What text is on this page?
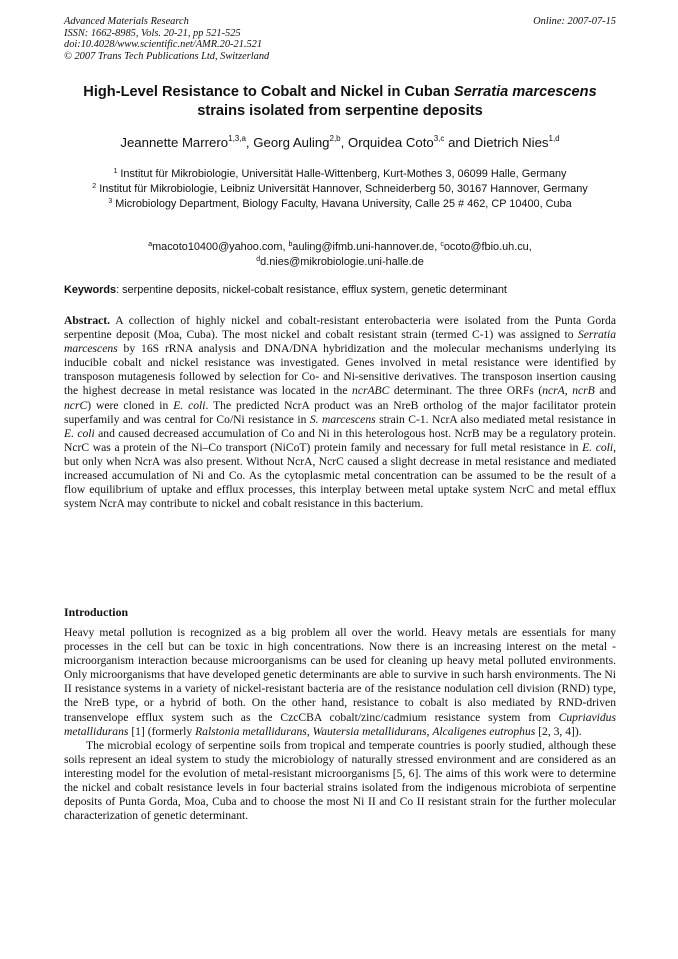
Advanced Materials Research	Online: 2007-07-15
ISSN: 1662-8985, Vols. 20-21, pp 521-525
doi:10.4028/www.scientific.net/AMR.20-21.521
© 2007 Trans Tech Publications Ltd, Switzerland
High-Level Resistance to Cobalt and Nickel in Cuban Serratia marcescens strains isolated from serpentine deposits
Jeannette Marrero$^{1,3,a}$, Georg Auling$^{2,b}$, Orquidea Coto$^{3,c}$ and Dietrich Nies$^{1,d}$
$^1$ Institut für Mikrobiologie, Universität Halle-Wittenberg, Kurt-Mothes 3, 06099 Halle, Germany
$^2$ Institut für Mikrobiologie, Leibniz Universität Hannover, Schneiderberg 50, 30167 Hannover, Germany
$^3$ Microbiology Department, Biology Faculty, Havana University, Calle 25 # 462, CP 10400, Cuba
$^a$macoto10400@yahoo.com, $^b$auling@ifmb.uni-hannover.de, $^c$ocoto@fbio.uh.cu,
$^d$d.nies@mikrobiologie.uni-halle.de
Keywords: serpentine deposits, nickel-cobalt resistance, efflux system, genetic determinant
Abstract. A collection of highly nickel and cobalt-resistant enterobacteria were isolated from the Punta Gorda serpentine deposit (Moa, Cuba). The most nickel and cobalt resistant strain (termed C-1) was assigned to Serratia marcescens by 16S rRNA analysis and DNA/DNA hybridization and the molecular mechanisms underlying its inducible cobalt and nickel resistance was investigated. Genes involved in metal resistance were identified by transposon mutagenesis followed by selection for Co- and Ni-sensitive derivatives. The transposon insertion causing the highest decrease in metal resistance was located in the ncrABC determinant. The three ORFs (ncrA, ncrB and ncrC) were cloned in E. coli. The predicted NcrA product was an NreB ortholog of the major facilitator protein superfamily and was central for Co/Ni resistance in S. marcescens strain C-1. NcrA also mediated metal resistance in E. coli and caused decreased accumulation of Co and Ni in this heterologous host. NcrB may be a regulatory protein. NcrC was a protein of the Ni–Co transport (NiCoT) protein family and necessary for full metal resistance in E. coli, but only when NcrA was also present. Without NcrA, NcrC caused a slight decrease in metal resistance and mediated increased accumulation of Ni and Co. As the cytoplasmic metal concentration can be assumed to be the result of a flow equilibrium of uptake and efflux processes, this interplay between metal uptake system NcrC and metal efflux system NcrA may contribute to nickel and cobalt resistance in this bacterium.
Introduction

Heavy metal pollution is recognized as a big problem all over the world. Heavy metals are essentials for many processes in the cell but can be toxic in high concentrations. Now there is an increasing interest on the metal - microorganism interaction because microorganisms can be used for cleaning up heavy metal polluted environments. Only microorganisms that have developed genetic determinants are able to survive in such harsh environments. The Ni II resistance systems in a variety of nickel-resistant bacteria are of the resistance nodulation cell division (RND) type, the NreB type, or a hybrid of both. On the other hand, resistance to cobalt is also mediated by RND-driven transenvelope efflux system such as the CzcCBA cobalt/zinc/cadmium resistance system from Cupriavidus metallidurans [1] (formerly Ralstonia metallidurans, Wautersia metallidurans, Alcaligenes eutrophus [2, 3, 4]).

The microbial ecology of serpentine soils from tropical and temperate countries is poorly studied, although these soils represent an ideal system to study the microbiology of naturally stressed environment and are considered as an interesting model for the evolution of metal-resistant microorganisms [5, 6]. The aims of this work were to determine the nickel and cobalt resistance levels in four bacterial strains isolated from the indigenous microbiota of serpentine deposits of Punta Gorda, Moa, Cuba and to choose the most Ni II and Co II resistant strain for the further molecular characterization of genetic determinant.
